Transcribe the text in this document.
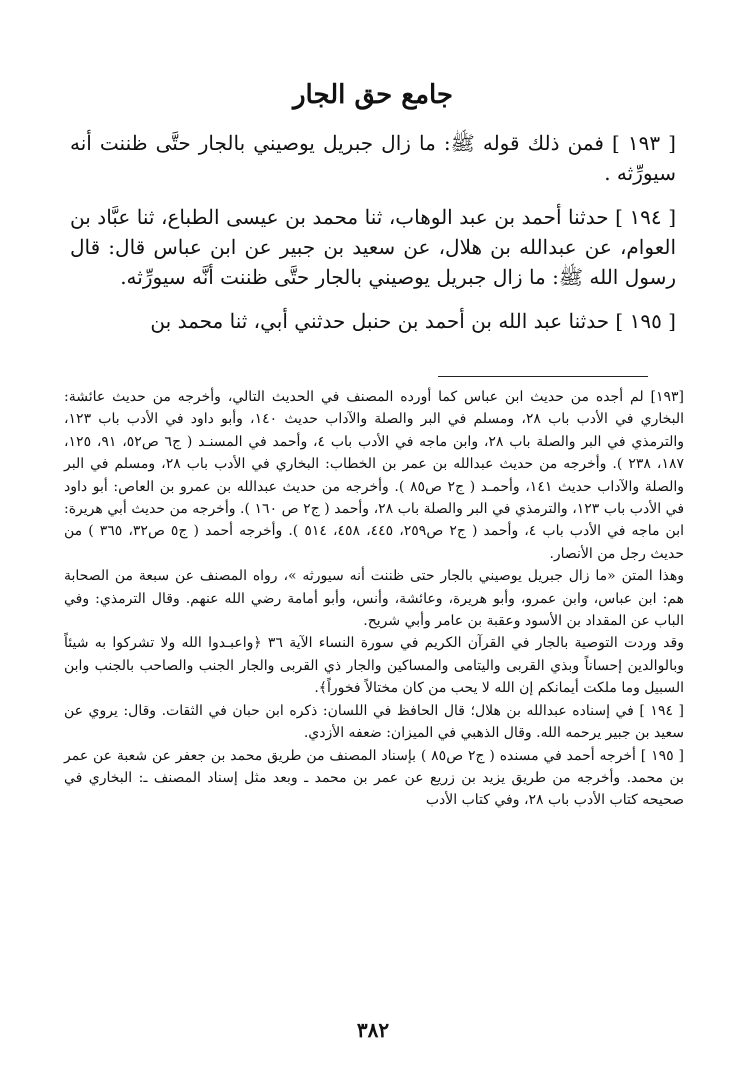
جامع حق الجار

[ ١٩٣ ] فمن ذلك قوله ﷺ: ما زال جبريل يوصيني بالجار حتَّى ظننت أنه سيورِّثه .

[ ١٩٤ ] حدثنا أحمد بن عبد الوهاب، ثنا محمد بن عيسى الطباع، ثنا عبَّاد بن العوام، عن عبدالله بن هلال، عن سعيد بن جبير عن ابن عباس قال: قال رسول الله ﷺ: ما زال جبريل يوصيني بالجار حتَّى ظننت أنَّه سيورِّثه.

[ ١٩٥ ] حدثنا عبد الله بن أحمد بن حنبل حدثني أبي، ثنا محمد بن

[١٩٣] لم أجده من حديث ابن عباس كما أورده المصنف في الحديث التالي، وأخرجه من حديث عائشة: البخاري في الأدب باب ٢٨، ومسلم في البر والصلة والآداب حديث ١٤٠، وأبو داود في الأدب باب ١٢٣، والترمذي في البر والصلة باب ٢٨، وابن ماجه في الأدب باب ٤، وأحمد في المسنـد ( ج٦ ص٥٢، ٩١، ١٢٥، ١٨٧، ٢٣٨ ). وأخرجه من حديث عبدالله بن عمر بن الخطاب: البخاري في الأدب باب ٢٨، ومسلم في البر والصلة والآداب حديث ١٤١، وأحمـد ( ج٢ ص٨٥ ). وأخرجه من حديث عبدالله بن عمرو بن العاص: أبو داود في الأدب باب ١٢٣، والترمذي في البر والصلة باب ٢٨، وأحمد ( ج٢ ص ١٦٠ ). وأخرجه من حديث أبي هريرة: ابن ماجه في الأدب باب ٤، وأحمد ( ج٢ ص٢٥٩، ٤٤٥، ٤٥٨، ٥١٤ ). وأخرجه أحمد ( ج٥ ص٣٢، ٣٦٥ ) من حديث رجل من الأنصار.

وهذا المتن «ما زال جبريل يوصيني بالجار حتى ظننت أنه سيورثه »، رواه المصنف عن سبعة من الصحابة هم: ابن عباس، وابن عمرو، وأبو هريرة، وعائشة، وأنس، وأبو أمامة رضي الله عنهم. وقال الترمذي: وفي الباب عن المقداد بن الأسود وعقبة بن عامر وأبي شريح.

وقد وردت التوصية بالجار في القرآن الكريم في سورة النساء الآية ٣٦ ﴿واعبـدوا الله ولا تشركوا به شيئاً وبالوالدين إحساناً وبذي القربى واليتامى والمساكين والجار ذي القربى والجار الجنب والصاحب بالجنب وابن السبيل وما ملكت أيمانكم إن الله لا يحب من كان مختالاً فخوراً﴾.

[ ١٩٤ ] في إسناده عبدالله بن هلال؛ قال الحافظ في اللسان: ذكره ابن حبان في الثقات. وقال: يروي عن سعيد بن جبير يرحمه الله. وقال الذهبي في الميزان: ضعفه الأزدي.

[ ١٩٥ ] أخرجه أحمد في مسنده ( ج٢ ص٨٥ ) بإسناد المصنف من طريق محمد بن جعفر عن شعبة عن عمر بن محمد. وأخرجه من طريق يزيد بن زريع عن عمر بن محمد ـ وبعد مثل إسناد المصنف ـ: البخاري في صحيحه كتاب الأدب باب ٢٨، وفي كتاب الأدب

٣٨٢
